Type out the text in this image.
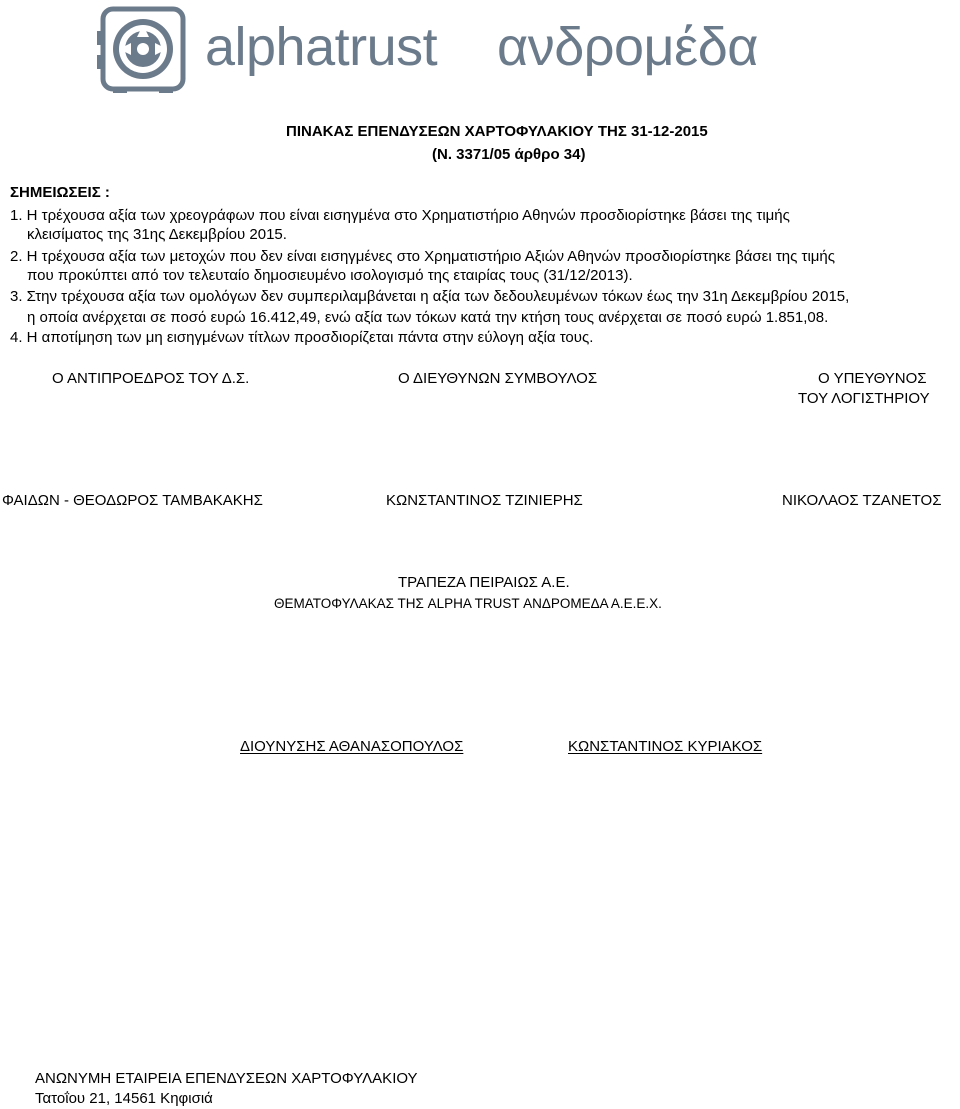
alphatrust ανδρομέδα
ΠΙΝΑΚΑΣ ΕΠΕΝΔΥΣΕΩΝ ΧΑΡΤΟΦΥΛΑΚΙΟΥ ΤΗΣ 31-12-2015
(Ν. 3371/05 άρθρο 34)
ΣΗΜΕΙΩΣΕΙΣ :
1. Η τρέχουσα αξία των χρεογράφων που είναι εισηγμένα στο Χρηματιστήριο Αθηνών προσδιορίστηκε βάσει της τιμής
κλεισίματος της 31ης Δεκεμβρίου 2015.
2. Η τρέχουσα αξία των μετοχών που δεν είναι εισηγμένες στο Χρηματιστήριο Αξιών Αθηνών προσδιορίστηκε βάσει της τιμής
που προκύπτει από τον τελευταίο δημοσιευμένο ισολογισμό της εταιρίας τους (31/12/2013).
3. Στην τρέχουσα αξία των ομολόγων δεν συμπεριλαμβάνεται η αξία των δεδουλευμένων τόκων έως την 31η Δεκεμβρίου 2015,
η οποία ανέρχεται σε ποσό ευρώ 16.412,49, ενώ αξία των τόκων κατά την κτήση τους ανέρχεται σε ποσό ευρώ 1.851,08.
4. Η αποτίμηση των μη εισηγμένων τίτλων προσδιορίζεται πάντα στην εύλογη αξία τους.
Ο ΑΝΤΙΠΡΟΕΔΡΟΣ ΤΟΥ Δ.Σ.	Ο ΔΙΕΥΘΥΝΩΝ ΣΥΜΒΟΥΛΟΣ	Ο ΥΠΕΥΘΥΝΟΣ
ΤΟΥ ΛΟΓΙΣΤΗΡΙΟΥ
ΦΑΙΔΩΝ - ΘΕΟΔΩΡΟΣ ΤΑΜΒΑΚΑΚΗΣ	ΚΩΝΣΤΑΝΤΙΝΟΣ ΤΖΙΝΙΕΡΗΣ	ΝΙΚΟΛΑΟΣ ΤΖΑΝΕΤΟΣ
ΤΡΑΠΕΖΑ ΠΕΙΡΑΙΩΣ Α.Ε.
ΘΕΜΑΤΟΦΥΛΑΚΑΣ ΤΗΣ ALPHA TRUST ΑΝΔΡΟΜΕΔΑ Α.Ε.Ε.Χ.
ΔΙΟΥΝΥΣΗΣ ΑΘΑΝΑΣΟΠΟΥΛΟΣ	ΚΩΝΣΤΑΝΤΙΝΟΣ ΚΥΡΙΑΚΟΣ
ΑΝΩΝΥΜΗ ΕΤΑΙΡΕΙΑ ΕΠΕΝΔΥΣΕΩΝ ΧΑΡΤΟΦΥΛΑΚΙΟΥ
Τατοΐου 21, 14561 Κηφισιά
